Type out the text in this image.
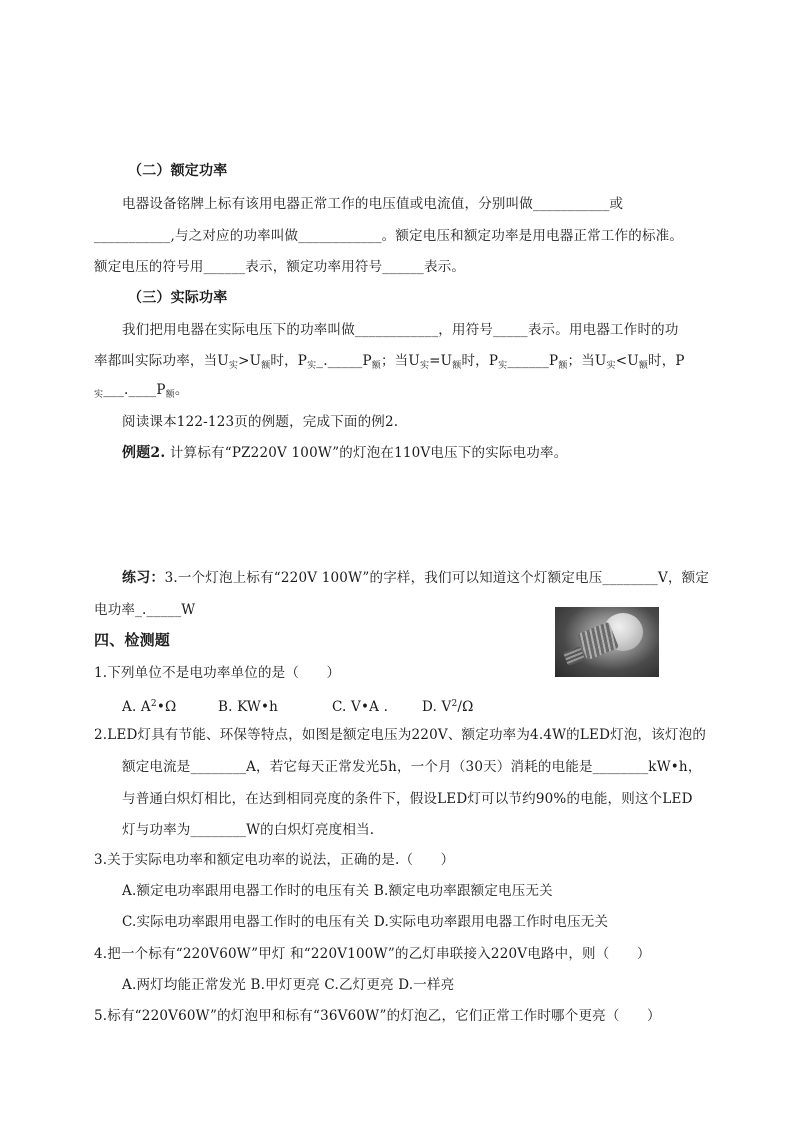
（二）额定功率
电器设备铭牌上标有该用电器正常工作的电压值或电流值，分别叫做___________或
___________,与之对应的功率叫做____________。额定电压和额定功率是用电器正常工作的标准。
额定电压的符号用______表示，额定功率用符号______表示。
（三）实际功率
我们把用电器在实际电压下的功率叫做____________，用符号_____表示。用电器工作时的功
率都叫实际功率，当$U_实>U_额$时，$P_实\_.\_\_\_\_\_P_额$；当$U_实=U_额$时，$P_实\_\_\_\_\_\_P_额$；当$U_实<U_额$时，P
$_实\_\_\_.\_\_\_\_P_额$。
阅读课本122-123页的例题，完成下面的例2.
例题2. 计算标有“PZ220V 100W”的灯泡在110V电压下的实际电功率。
练习：3.一个灯泡上标有“220V 100W”的字样，我们可以知道这个灯额定电压________V，额定
电功率_._____W
四、检测题
1.下列单位不是电功率单位的是（　　）
A. $A^2•\Omega$	B. KW•h	C. V•A .	D. $V^2/\Omega$
2.LED灯具有节能、环保等特点，如图是额定电压为220V、额定功率为4.4W的LED灯泡，该灯泡的
额定电流是________A，若它每天正常发光5h，一个月（30天）消耗的电能是________kW•h，
与普通白炽灯相比，在达到相同亮度的条件下，假设LED灯可以节约90%的电能，则这个LED
灯与功率为________W的白炽灯亮度相当.
3.关于实际电功率和额定电功率的说法，正确的是.（　　）
A.额定电功率跟用电器工作时的电压有关 B.额定电功率跟额定电压无关
C.实际电功率跟用电器工作时的电压有关 D.实际电功率跟用电器工作时电压无关
4.把一个标有“220V60W”甲灯 和“220V100W”的乙灯串联接入220V电路中，则（　　）
A.两灯均能正常发光 B.甲灯更亮 C.乙灯更亮 D.一样亮
5.标有“220V60W”的灯泡甲和标有“36V60W”的灯泡乙，它们正常工作时哪个更亮（　　）
